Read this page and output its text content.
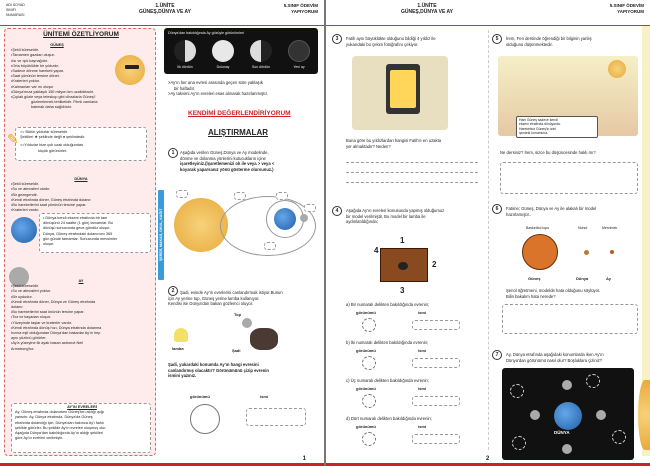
ADI SOYAD
SINIFI
NUMARASI
1.ÜNİTE
GÜNEŞ,DÜNYA VE AY
5.SINIF ÖDEVİM
YAPIYORUM
ÜNİTEMİ ÖZETLİYORUM
GÜNEŞ
•Şekli küreseldir.
•Tamamen gazdan oluşur.
•Isı ve ışık kaynağıdır.
•Orta büyüklükte bir yıldızdır.
•Sadece dönme hareketi yapar.
•Saat yönünün tersine döner.
•Kraterleri yoktur.
•Kalmanları var mı oluşur
•Dünya'mıza yaklaşık 150 milyon km uzaklıktadır.
•Çıplak gözle veya teleskop gibi cihazlarla Güneş'i
gözlemlemek tehlikelidir. Filmli camlarla
bakmak daha sağlıklıdır.
>> Bütün yıldızlar küreseldir.
Şekilleri ★ şeklinde değil ● şeklindedir.
>>Yıldızlar bize çok uzak olduğundan
küçük görünürler.
✎
DÜNYA
•Şekli küreseldir.
•Su ve atmosferi vardır.
•Bir gezegendir.
•Kendi etrafında döner, Güneş etrafında dolanır.
•Bu hareketlerini saat yönünün tersine yapar.
•Kraterleri vardır.
• Dünya kendi ekseni etrafında bir tam
dönüşünü 24 saatte (1 gün) tamamlar. Bu
dönüşü sonucunda gece-gündüz oluşur.
Dünya, Güneş etrafındaki dolanımını 365
gün günde tamamlar. Sonucunda mevsimler
oluşur.
AY
•Şekli küreseldir.
•Su ve atmosferi yoktur.
•Bir uydudur.
•Kendi etrafında döner, Dünya ve Güneş etrafında
dolanır.
•Bu hareketlerini saat önünün tersine yapar.
•Toz ve kayadan oluşur.
•Yüzeyinde taşlar ve kraterler vardır.
•Kendi etrafında dönüş hızı, Dünya etrafında dolanma
hızına eşit olduğundan Dünya'dan bakanlar Ay'ın hep
aynı yüzünü görürler.
•Ay'a yüzeyine ilk ayak basan astronot Neil
Armstrong'tur.
AY'IN EVRELERİ
Ay, Güneş etrafında dolanırken Güneş'ten aldığı ışığı
yansıtır. Ay, Dünya etrafında, Dünya'da Güneş
etrafında dolandığı için, Dünya'dan bakınca Ay'ı farklı
şekilde görürler. Bu şekilde Ay'ın evreleri oluşmuş olur.
Aşağıda Dünya'dan bakıldığında Ay'ın aldığı şekilleri
göre Ay'ın evreleri verilmiştir.
ŞERİDİ, MAKAS, OKUL, KAĞIT
Dünya'dan bakıldığında Ay gözüyle görünümleri
İlk dördün	Dolunay	Son dördün	Yeni ay
>Ay'ın her ana evresi arasında geçen süre yaklaşık
bir haftadır.
>Ay takvimi Ay'ın evreleri esas alınarak hazırlanmıştır.
KENDİMİ DEĞERLENDİRİYORUM
ALIŞTIRMALAR
1	Aşağıda verilen Güneş,Dünya ve Ay modelinde,
dönme ve dolanma yönlerini kutucukların içine
işaretleyiniz.(İşaretlemenizi ok ile veya > veya <
koyarak yaparsanız yönü gösterme olursunuz.)
2	Şadi, evinde Ay'ın evrelerini canlandırmak istiyor.Bunun
için Ay yerine top, Güneş yerine lamba kullanıyor.
Kendisi ise Dünya'dan bakan gözlemci oluyor.
Top
lamba	Şadi
Şadi, yukardaki konumda Ay'ın hangi evresini
canlandırmış olacaktır? Görünümünü çizip evrenin
ismini yazınız.
görünümü	ismi
1
1.ÜNİTE
GÜNEŞ,DÜNYA VE AY
5.SINIF ÖDEVİM
YAPIYORUM
3	Fatih aynı büyüklükte olduğunu bildiği 4 yıldız ile
yukarıdaki bu çekim fotoğrafını çekiyor.
Buna göre bu yıldızlardan hangisi Fatih'e en uzakta
yer almaktadır? Neden?
4	Aşağıda Ay'ın evreleri konusunda yapmış olduğumuz
bir model verilmiştir. Bu model bir lamba ile
aydınlatıldığında;
4
1
2
3
a) Bir numaralı delikten bakıldığında evrenin;
görünümü	ismi
b) İki numaralı delikten bakıldığında evrenin;
görünümü	ismi
c) Üç numaralı delikten bakıldığında evrenin;
görünümü	ismi
d) Dört numaralı delikten bakıldığında evrenin;
görünümü	ismi
5	İrem, Fen dersinde öğrendiği bir bilginin yanlış
olduğunu düşünmektedir.
Hani Güneş sadece kendi
ekseni etrafında dönüyordu.
Hareketsiz Güneş'in izini
içindeki konumuna.
Ne dersiniz? İrem, sizce bu düşüncesinde haklı mı?
6	Fatime; Güneş, Dünya ve Ay ile alakalı bir model
hazırlamıştır..
Basketbol topu	Nohut	Mercimek
Güneş	Dünya	Ay
Şenol öğretmeni, modelde hata olduğunu söylüyor.
Bilin bakalım hata nerede?
7	Ay, Dünya etrafında aşağıdaki konumlarda iken Ay'ın
Dünya'dan görünümü nasıl olur? Boşluklara çiziniz?
DÜNYA
2
